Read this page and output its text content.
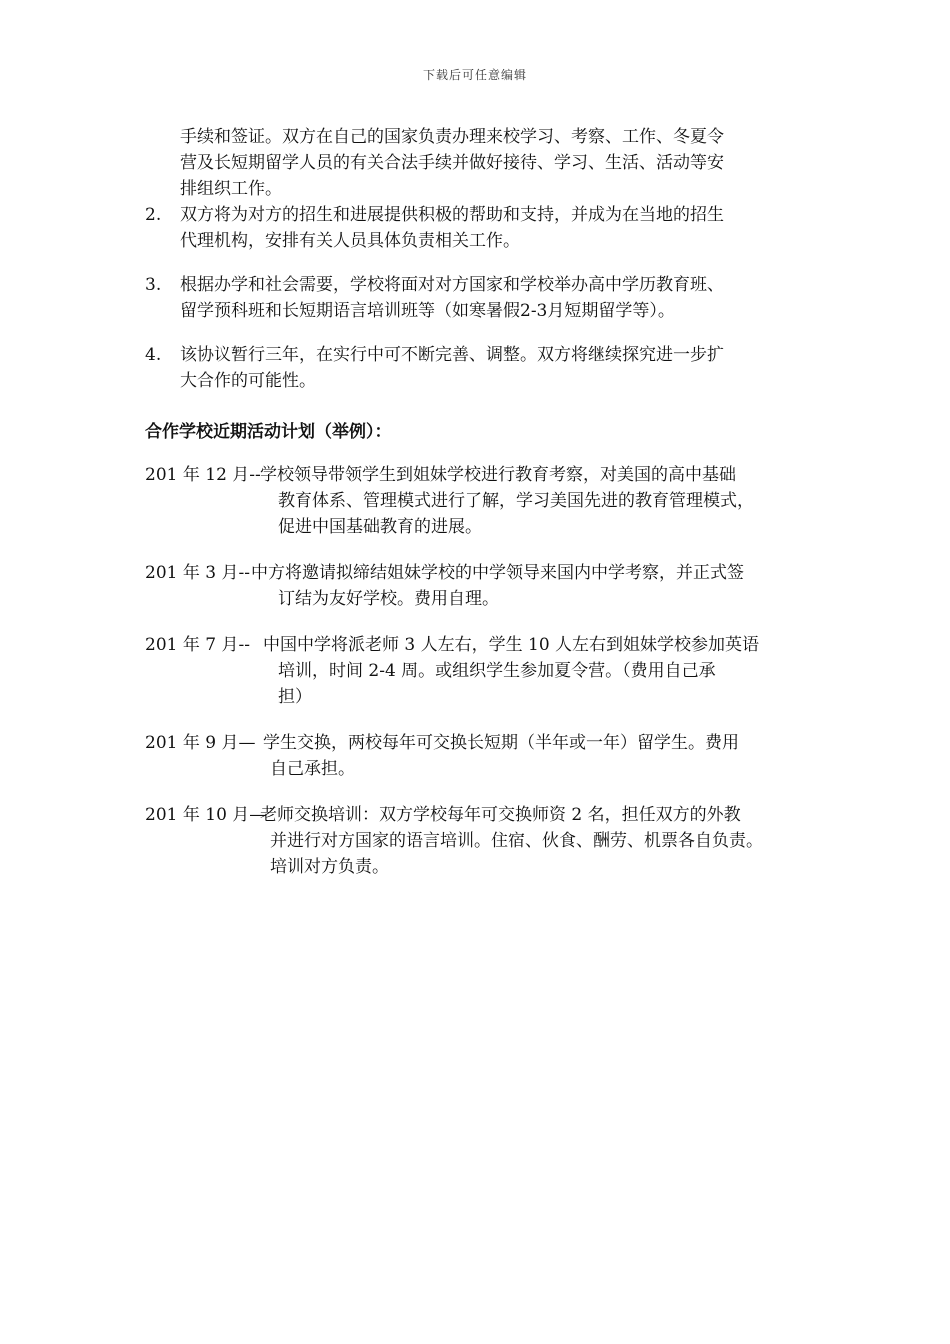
下载后可任意编辑
手续和签证。双方在自己的国家负责办理来校学习、考察、工作、冬夏令
营及长短期留学人员的有关合法手续并做好接待、学习、生活、活动等安
排组织工作。
2.	双方将为对方的招生和进展提供积极的帮助和支持，并成为在当地的招生
代理机构，安排有关人员具体负责相关工作。
3.	根据办学和社会需要，学校将面对对方国家和学校举办高中学历教育班、
留学预科班和长短期语言培训班等（如寒暑假2-3月短期留学等）。
4.	该协议暂行三年，在实行中可不断完善、调整。双方将继续探究进一步扩
大合作的可能性。
合作学校近期活动计划（举例）：
201 年 12 月-- 学校领导带领学生到姐妹学校进行教育考察，对美国的高中基础
教育体系、管理模式进行了解，学习美国先进的教育管理模式，
促进中国基础教育的进展。
201 年 3 月-- 中方将邀请拟缔结姐妹学校的中学领导来国内中学考察，并正式签
订结为友好学校。费用自理。
201 年 7 月-- 中国中学将派老师 3 人左右，学生 10 人左右到姐妹学校参加英语
培训，时间 2-4 周。或组织学生参加夏令营。（费用自己承
担）
201 年 9 月— 学生交换，两校每年可交换长短期（半年或一年）留学生。费用
自己承担。
201 年 10 月—
老师交换培训：双方学校每年可交换师资 2 名，担任双方的外教
并进行对方国家的语言培训。住宿、伙食、酬劳、机票各自负责。
培训对方负责。
